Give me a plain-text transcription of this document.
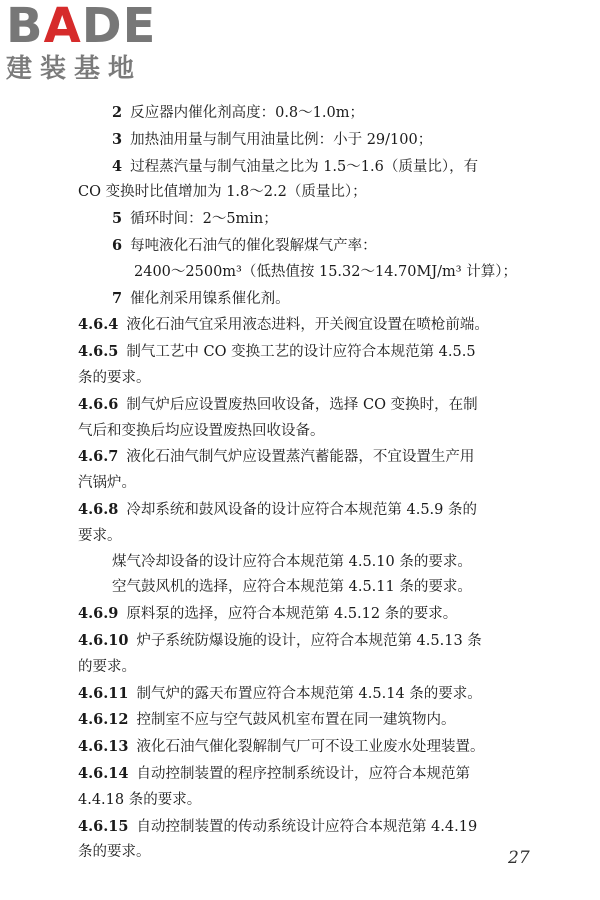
BADE
建装基地
2 反应器内催化剂高度：0.8～1.0m；
3 加热油用量与制气用油量比例：小于 29/100；
4 过程蒸汽量与制气油量之比为 1.5～1.6（质量比），有
CO 变换时比值增加为 1.8～2.2（质量比）；
5 循环时间：2～5min；
6 每吨液化石油气的催化裂解煤气产率：
2400～2500m³（低热值按 15.32～14.70MJ/m³ 计算）；
7 催化剂采用镍系催化剂。
4.6.4 液化石油气宜采用液态进料，开关阀宜设置在喷枪前端。
4.6.5 制气工艺中 CO 变换工艺的设计应符合本规范第 4.5.5
条的要求。
4.6.6 制气炉后应设置废热回收设备，选择 CO 变换时，在制
气后和变换后均应设置废热回收设备。
4.6.7 液化石油气制气炉应设置蒸汽蓄能器，不宜设置生产用
汽锅炉。
4.6.8 冷却系统和鼓风设备的设计应符合本规范第 4.5.9 条的
要求。
煤气冷却设备的设计应符合本规范第 4.5.10 条的要求。
空气鼓风机的选择，应符合本规范第 4.5.11 条的要求。
4.6.9 原料泵的选择，应符合本规范第 4.5.12 条的要求。
4.6.10 炉子系统防爆设施的设计，应符合本规范第 4.5.13 条
的要求。
4.6.11 制气炉的露天布置应符合本规范第 4.5.14 条的要求。
4.6.12 控制室不应与空气鼓风机室布置在同一建筑物内。
4.6.13 液化石油气催化裂解制气厂可不设工业废水处理装置。
4.6.14 自动控制装置的程序控制系统设计，应符合本规范第
4.4.18 条的要求。
4.6.15 自动控制装置的传动系统设计应符合本规范第 4.4.19
条的要求。	27
